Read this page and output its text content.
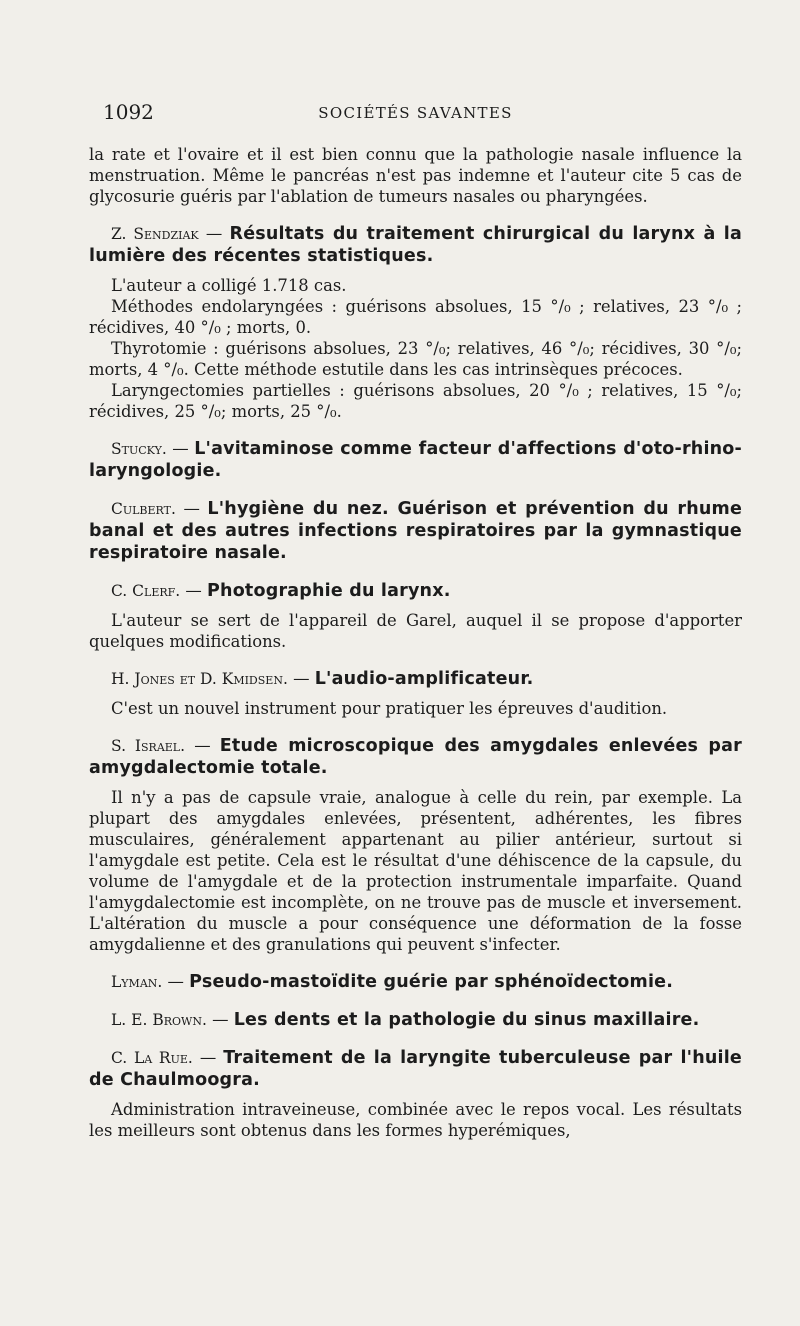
1092	SOCIÉTÉS SAVANTES

la rate et l'ovaire et il est bien connu que la pathologie nasale influence la menstruation. Même le pancréas n'est pas indemne et l'auteur cite 5 cas de glycosurie guéris par l'ablation de tumeurs nasales ou pharyngées.

Z. Sendziak — Résultats du traitement chirurgical du larynx à la lumière des récentes statistiques.

L'auteur a colligé 1.718 cas.

Méthodes endolaryngées : guérisons absolues, 15 °/₀ ; relatives, 23 °/₀ ; récidives, 40 °/₀ ; morts, 0.

Thyrotomie : guérisons absolues, 23 °/₀; relatives, 46 °/₀; récidives, 30 °/₀; morts, 4 °/₀. Cette méthode estutile dans les cas intrinsèques précoces.

Laryngectomies partielles : guérisons absolues, 20 °/₀ ; relatives, 15 °/₀; récidives, 25 °/₀; morts, 25 °/₀.

Stucky. — L'avitaminose comme facteur d'affections d'oto-rhino-laryngologie.
Culbert. — L'hygiène du nez. Guérison et prévention du rhume banal et des autres infections respiratoires par la gymnastique respiratoire nasale.
C. Clerf. — Photographie du larynx.

L'auteur se sert de l'appareil de Garel, auquel il se propose d'apporter quelques modifications.

H. Jones et D. Kmidsen. — L'audio-amplificateur.

C'est un nouvel instrument pour pratiquer les épreuves d'audition.

S. Israel. — Etude microscopique des amygdales enlevées par amygdalectomie totale.

Il n'y a pas de capsule vraie, analogue à celle du rein, par exemple. La plupart des amygdales enlevées, présentent, adhérentes, les fibres musculaires, généralement appartenant au pilier antérieur, surtout si l'amygdale est petite. Cela est le résultat d'une déhiscence de la capsule, du volume de l'amygdale et de la protection instrumentale imparfaite. Quand l'amygdalectomie est incomplète, on ne trouve pas de muscle et inversement. L'altération du muscle a pour conséquence une déformation de la fosse amygdalienne et des granulations qui peuvent s'infecter.

Lyman. — Pseudo-mastoïdite guérie par sphénoïdectomie.
L. E. Brown. — Les dents et la pathologie du sinus maxillaire.
C. La Rue. — Traitement de la laryngite tuberculeuse par l'huile de Chaulmoogra.

Administration intraveineuse, combinée avec le repos vocal. Les résultats les meilleurs sont obtenus dans les formes hyperémiques,
